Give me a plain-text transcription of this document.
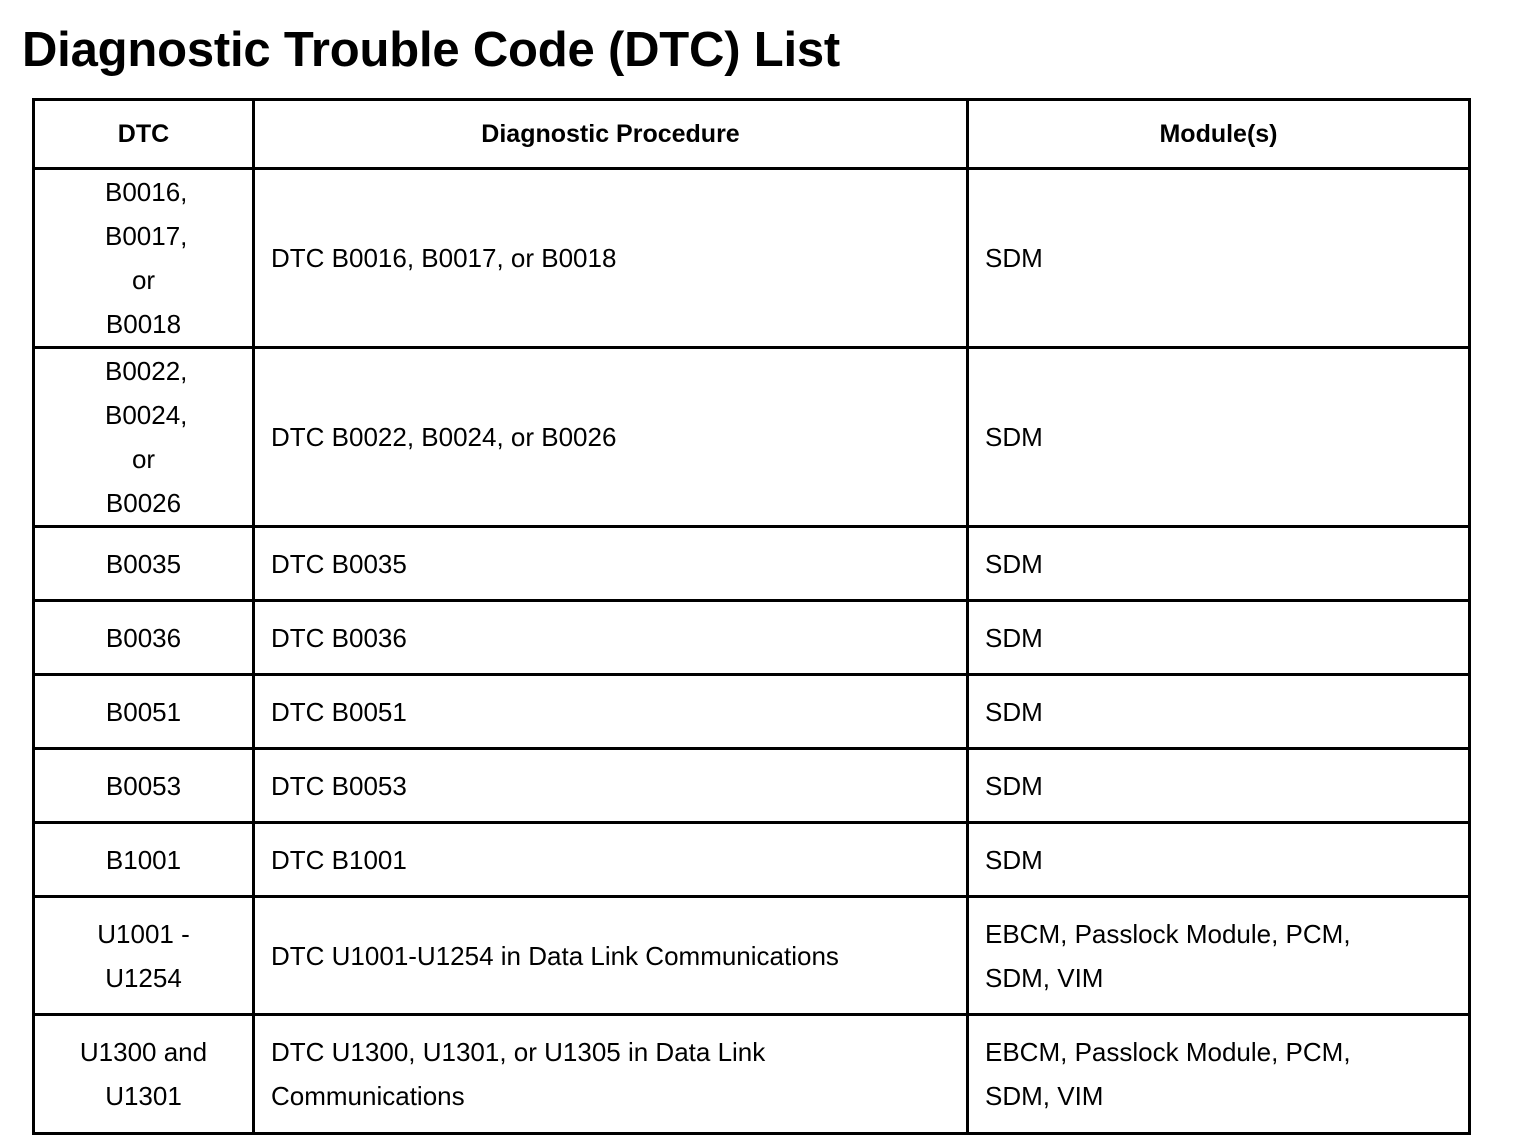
Diagnostic Trouble Code (DTC) List
DTC	Diagnostic Procedure	Module(s)
B0016, B0017, or B0018	DTC B0016, B0017, or B0018	SDM
B0022, B0024, or B0026	DTC B0022, B0024, or B0026	SDM
B0035	DTC B0035	SDM
B0036	DTC B0036	SDM
B0051	DTC B0051	SDM
B0053	DTC B0053	SDM
B1001	DTC B1001	SDM
U1001 - U1254	DTC U1001-U1254 in Data Link Communications	EBCM, Passlock Module, PCM, SDM, VIM
U1300 and U1301	DTC U1300, U1301, or U1305 in Data Link Communications	EBCM, Passlock Module, PCM, SDM, VIM
